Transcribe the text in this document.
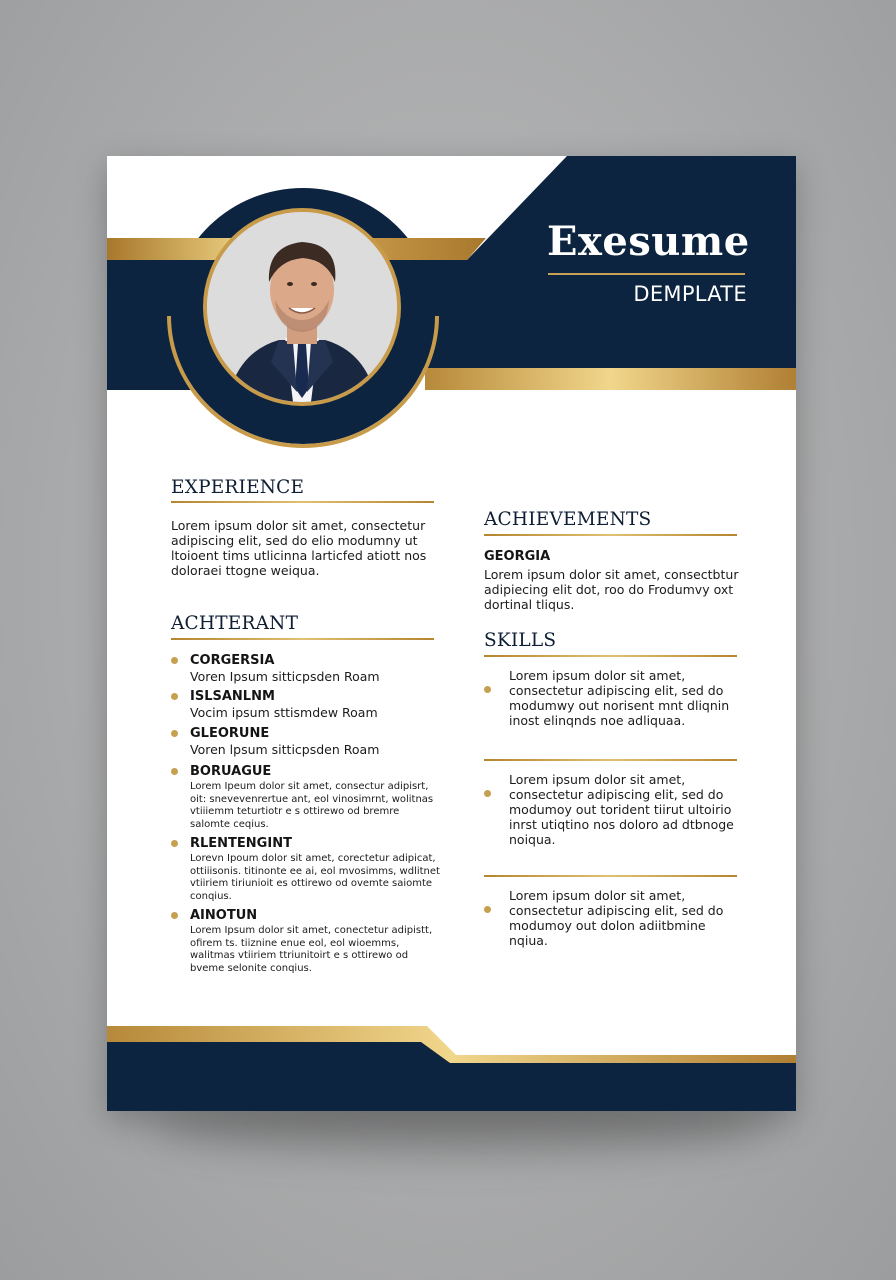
Exesume
DEMPLATE
EXPERIENCE
Lorem ipsum dolor sit amet, consectetur adipiscing elit, sed do elio modumny ut ltoioent tims utlicinna larticfed atiott nos doloraei ttogne weiqua.
ACHTERANT
CORGERSIA
Voren Ipsum sitticpsden Roam
ISLSANLNM
Vocim ipsum sttismdew Roam
GLEORUNE
Voren lpsum sitticpsden Roam
BORUAGUE
Lorem Ipeum dolor sit amet, consectur adipisrt, oit: snevevenrertue ant, eol vinosimrnt, wolitnas vtiiiemm teturtiotr e s ottirewo od bremre salomte ceqius.
RLENTENGINT
Lorevn Ipoum dolor sit amet, corectetur adipicat, ottiiisonis. titinonte ee ai, eol mvosimms, wdlitnet vtiiriem tiriunioit es ottirewo od ovemte saiomte conqius.
AINOTUN
Lorem Ipsum dolor sit amet, conectetur adipistt, ofirem ts. tiiznine enue eol, eol wioemms, walitmas vtiiriem ttriunitoirt e s ottirewo od bveme selonite conqius.
ACHIEVEMENTS
GEORGIA
Lorem ipsum dolor sit amet, consectbtur adipiecing elit dot, roo do Frodumvy oxt dortinal tliqus.
SKILLS
Lorem ipsum dolor sit amet, consectetur adipiscing elit, sed do modumwy out norisent mnt dliqnin inost elinqnds noe adliquaa.
Lorem ipsum dolor sit amet, consectetur adipiscing elit, sed do modumoy out torident tiirut ultoirio inrst utiqtino nos doloro ad dtbnoge noiqua.
Lorem ipsum dolor sit amet, consectetur adipiscing elit, sed do modumoy out dolon adiitbmine nqiua.
